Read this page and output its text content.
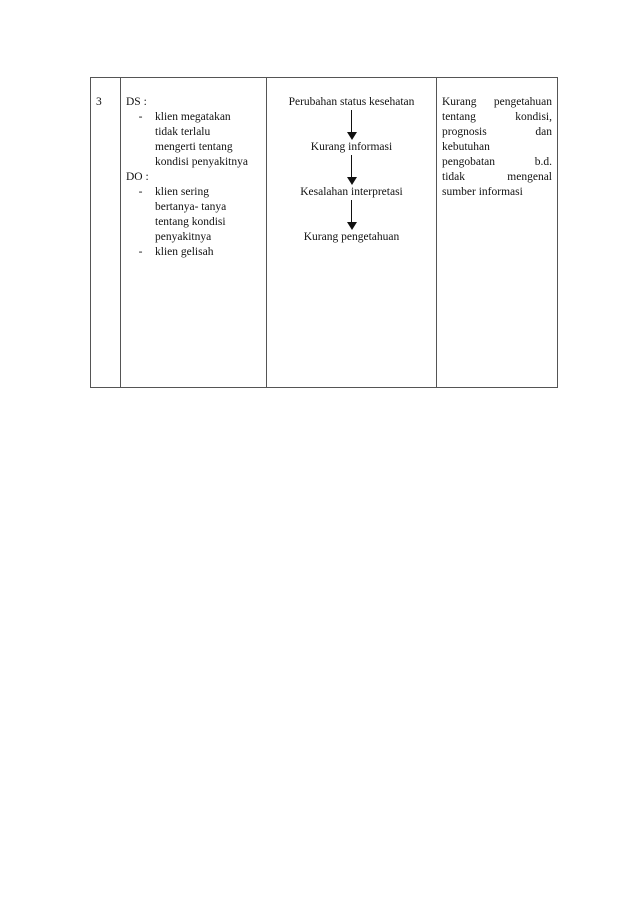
3	DS :
-	klien megatakan
tidak terlalu
mengerti tentang
kondisi penyakitnya
DO :
-	klien sering
bertanya- tanya
tentang kondisi
penyakitnya
-	klien gelisah

Perubahan status kesehatan
Kurang informasi
Kesalahan interpretasi
Kurang pengetahuan

Kurang pengetahuan
tentang	kondisi,
prognosis	dan
kebutuhan
pengobatan	b.d.
tidak	mengenal
sumber informasi
